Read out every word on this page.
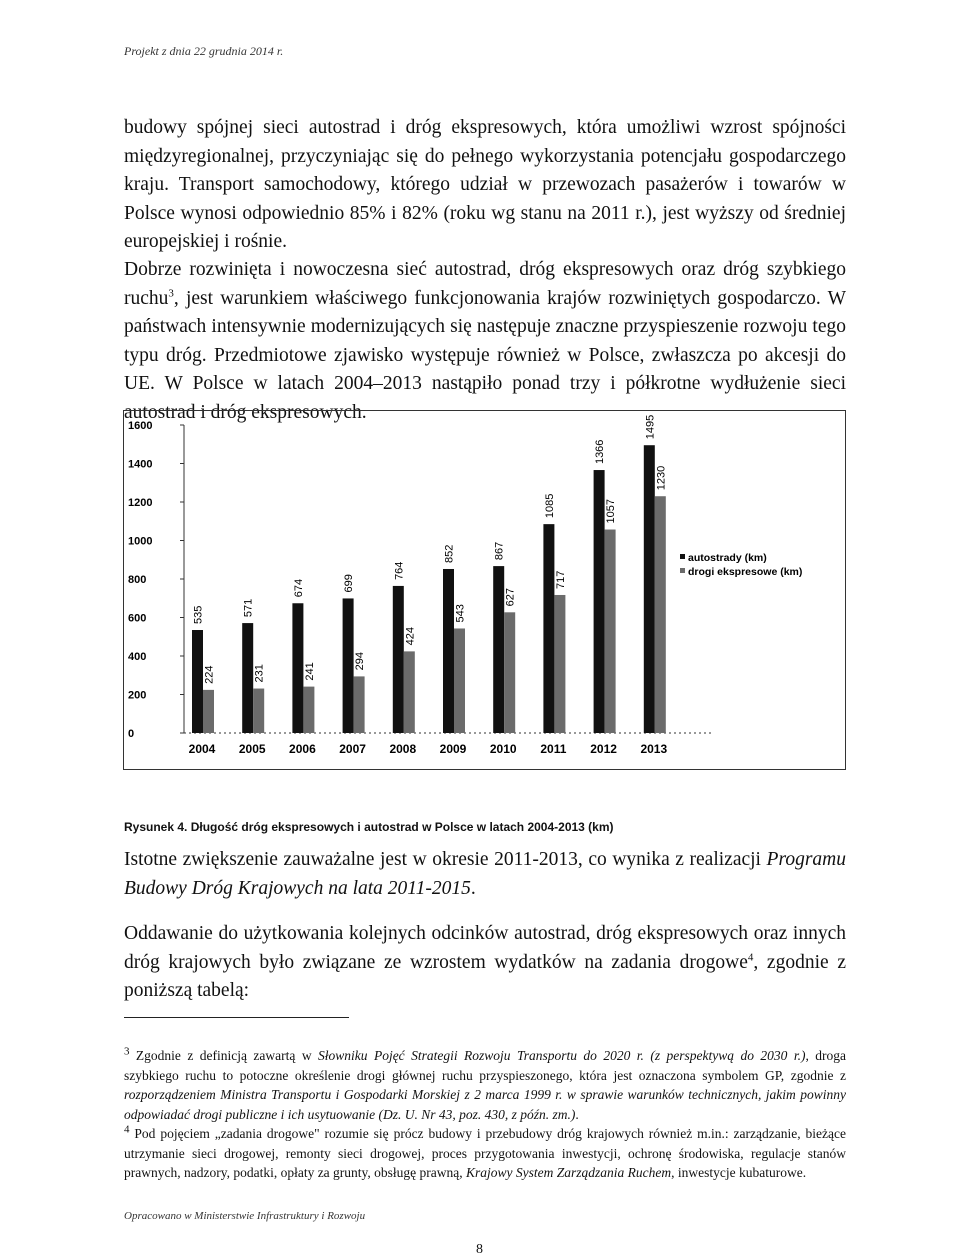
Projekt z dnia 22 grudnia 2014 r.

budowy spójnej sieci autostrad i dróg ekspresowych, która umożliwi wzrost spójności międzyregionalnej, przyczyniając się do pełnego wykorzystania potencjału gospodarczego kraju. Transport samochodowy, którego udział w przewozach pasażerów i towarów w Polsce wynosi odpowiednio 85% i 82% (roku wg stanu na 2011 r.), jest wyższy od średniej europejskiej i rośnie.

Dobrze rozwinięta i nowoczesna sieć autostrad, dróg ekspresowych oraz dróg szybkiego ruchu$^3$, jest warunkiem właściwego funkcjonowania krajów rozwiniętych gospodarczo. W państwach intensywnie modernizujących się następuje znaczne przyspieszenie rozwoju tego typu dróg. Przedmiotowe zjawisko występuje również w Polsce, zwłaszcza po akcesji do UE. W Polsce w latach 2004–2013 nastąpiło ponad trzy i półkrotne wydłużenie sieci autostrad i dróg ekspresowych.

0
200
400
600
800
1000
1200
1400
1600
535
224
2004
571
231
2005
674
241
2006
699
294
2007
764
424
2008
852
543
2009
867
627
2010
1085
717
2011
1366
1057
2012
1495
1230
2013
autostrady (km)
drogi ekspresowe (km)
Rysunek 4. Długość dróg ekspresowych i autostrad w Polsce w latach 2004-2013 (km)

Istotne zwiększenie zauważalne jest w okresie 2011-2013, co wynika z realizacji Programu Budowy Dróg Krajowych na lata 2011-2015.

Oddawanie do użytkowania kolejnych odcinków autostrad, dróg ekspresowych oraz innych dróg krajowych było związane ze wzrostem wydatków na zadania drogowe$^4$, zgodnie z poniższą tabelą:

$^3$ Zgodnie z definicją zawartą w Słowniku Pojęć Strategii Rozwoju Transportu do 2020 r. (z perspektywą do 2030 r.), droga szybkiego ruchu to potoczne określenie drogi głównej ruchu przyspieszonego, która jest oznaczona symbolem GP, zgodnie z rozporządzeniem Ministra Transportu i Gospodarki Morskiej z 2 marca 1999 r. w sprawie warunków technicznych, jakim powinny odpowiadać drogi publiczne i ich usytuowanie (Dz. U. Nr 43, poz. 430, z późn. zm.).

$^4$ Pod pojęciem „zadania drogowe" rozumie się prócz budowy i przebudowy dróg krajowych również m.in.: zarządzanie, bieżące utrzymanie sieci drogowej, remonty sieci drogowej, proces przygotowania inwestycji, ochronę środowiska, regulacje stanów prawnych, nadzory, podatki, opłaty za grunty, obsługę prawną, Krajowy System Zarządzania Ruchem, inwestycje kubaturowe.

Opracowano w Ministerstwie Infrastruktury i Rozwoju
8
